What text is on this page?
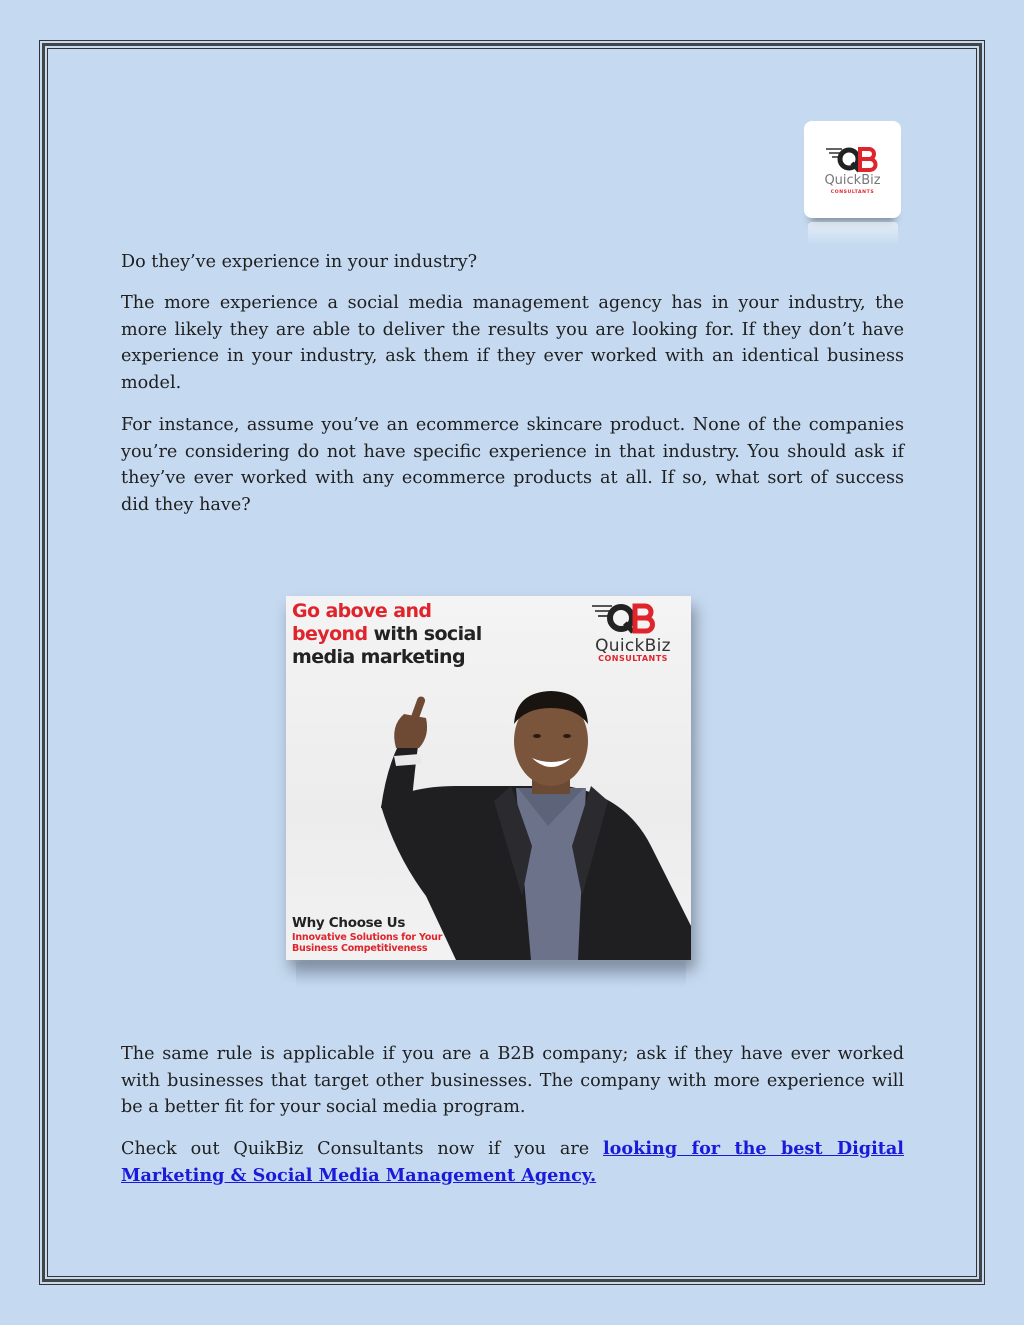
QuickBiz
CONSULTANTS

Do they’ve experience in your industry?

The more experience a social media management agency has in your industry, the more likely they are able to deliver the results you are looking for. If they don’t have experience in your industry, ask them if they ever worked with an identical business model.

For instance, assume you’ve an ecommerce skincare product. None of the companies you’re considering do not have specific experience in that industry. You should ask if they’ve ever worked with any ecommerce products at all. If so, what sort of success did they have?

Go above and
beyond with social
media marketing	QuickBiz
CONSULTANTS
Why Choose Us
Innovative Solutions for Your Business Competitiveness

The same rule is applicable if you are a B2B company; ask if they have ever worked with businesses that target other businesses. The company with more experience will be a better fit for your social media program.

Check out QuikBiz Consultants now if you are looking for the best Digital Marketing & Social Media Management Agency.
